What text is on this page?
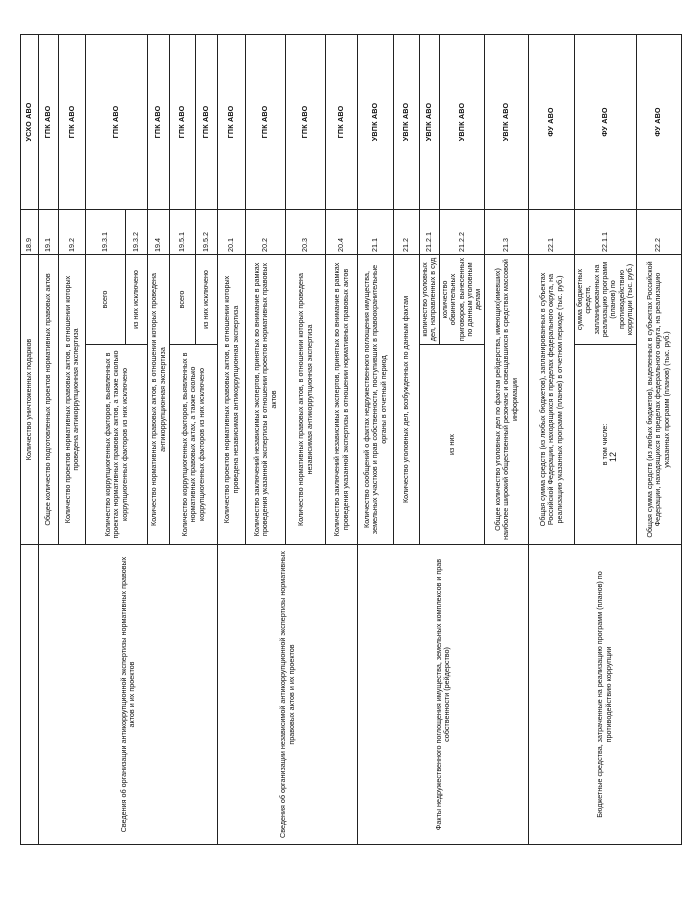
	Количество уничтоженных подарков		18.9	УСХО АВО
Сведения об организации антикоррупционной экспертизы нормативных правовых актов и их проектов	Общее количество подготовленных проектов нормативных правовых актов		19.1	ГПК АВО
	Количество проектов нормативных правовых актов, в отношении которых проведена антикоррупционная экспертиза		19.2	ГПК АВО
	Количество коррупциогенных факторов, выявленных в проектах нормативных правовых актов, а также сколько коррупциогенных факторов из них исключено	всего	19.3.1	ГПК АВО
		из них исключено	19.3.2	
	Количество нормативных правовых актов, в отношении которых проведена антикоррупционная экспертиза		19.4	ГПК АВО
	Количество коррупциогенных факторов, выявленных в нормативных правовых актах, а также сколько коррупциогенных факторов из них исключено	всего	19.5.1	ГПК АВО
		из них исключено	19.5.2	ГПК АВО
Сведения об организации независимой антикоррупционной экспертизы нормативных правовых актов и их проектов	Количество проектов нормативных правовых актов, в отношении которых проведена независимая антикоррупционная экспертиза		20.1	ГПК АВО
	Количество заключений независимых экспертов, принятых во внимание в рамках проведения указанной экспертизы в отношении проектов нормативных правовых актов		20.2	ГПК АВО
	Количество нормативных правовых актов, в отношении которых проведена независимая антикоррупционная экспертиза		20.3	ГПК АВО
	Количество заключений независимых экспертов, принятых во внимание в рамках проведения указанной экспертизы в отношении нормативных правовых актов		20.4	ГПК АВО
Факты недружественного поглощения имущества, земельных комплексов и прав собственности (рейдерство)	Количество сообщений о фактах недружественного поглощения имущества, земельных участков и прав собственности, поступивших в правоохранительные органы в отчетный период		21.1	УВПК АВО
	Количество уголовных дел, возбужденных по данным фактам		21.2	УВПК АВО
	из них	количество уголовных дел, направленных в суд	21.2.1	УВПК АВО
		количество обвинительных приговоров, вынесенных по данным уголовным делам	21.2.2	УВПК АВО
	Общее количество уголовных дел по фактам рейдерства, имеющих(имевших) наиболее широкий общественный резонанс и освещавшихся в средствах массовой информации		21.3	УВПК АВО
Бюджетные средства, затраченные на реализацию программ (планов) по противодействию коррупции	Общая сумма средств (из любых бюджетов), запланированных в субъектах Российской Федерации, находящихся в пределах федерального округа, на реализацию указанных программ (планов) в отчетном периоде (тыс. руб.)		22.1	ФУ АВО
	в том числе:	сумма бюджетных средств, запланированных на реализацию программ (планов) по противодействию коррупции (тыс. руб.)	22.1.1	ФУ АВО
	Общая сумма средств (из любых бюджетов), выделенных в субъектах Российской Федерации, находящихся в пределах федерального округа, на реализацию указанных программ (планов) (тыс. руб.)		22.2	ФУ АВО
12
